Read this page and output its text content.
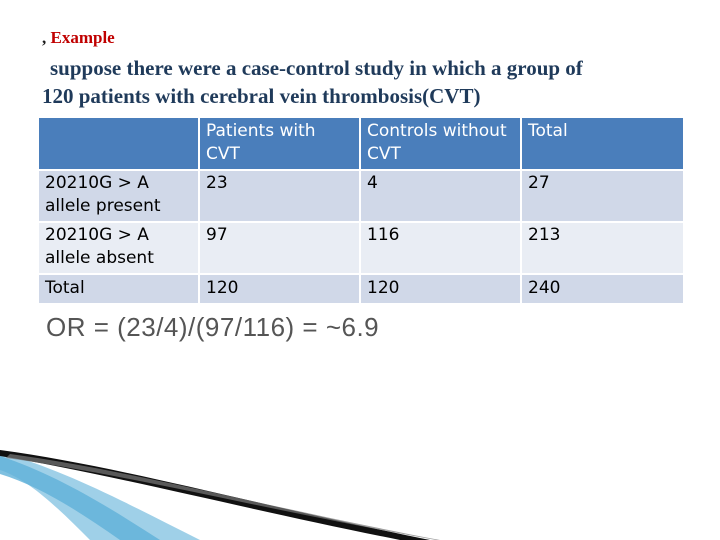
, Example
suppose there were a case-control study in which a group of
120 patients with cerebral vein thrombosis(CVT)
	Patients with CVT	Controls without CVT	Total
20210G > A allele present	23	4	27
20210G > A allele absent	97	116	213
Total	120	120	240
OR = (23/4)/(97/116) = ~6.9
